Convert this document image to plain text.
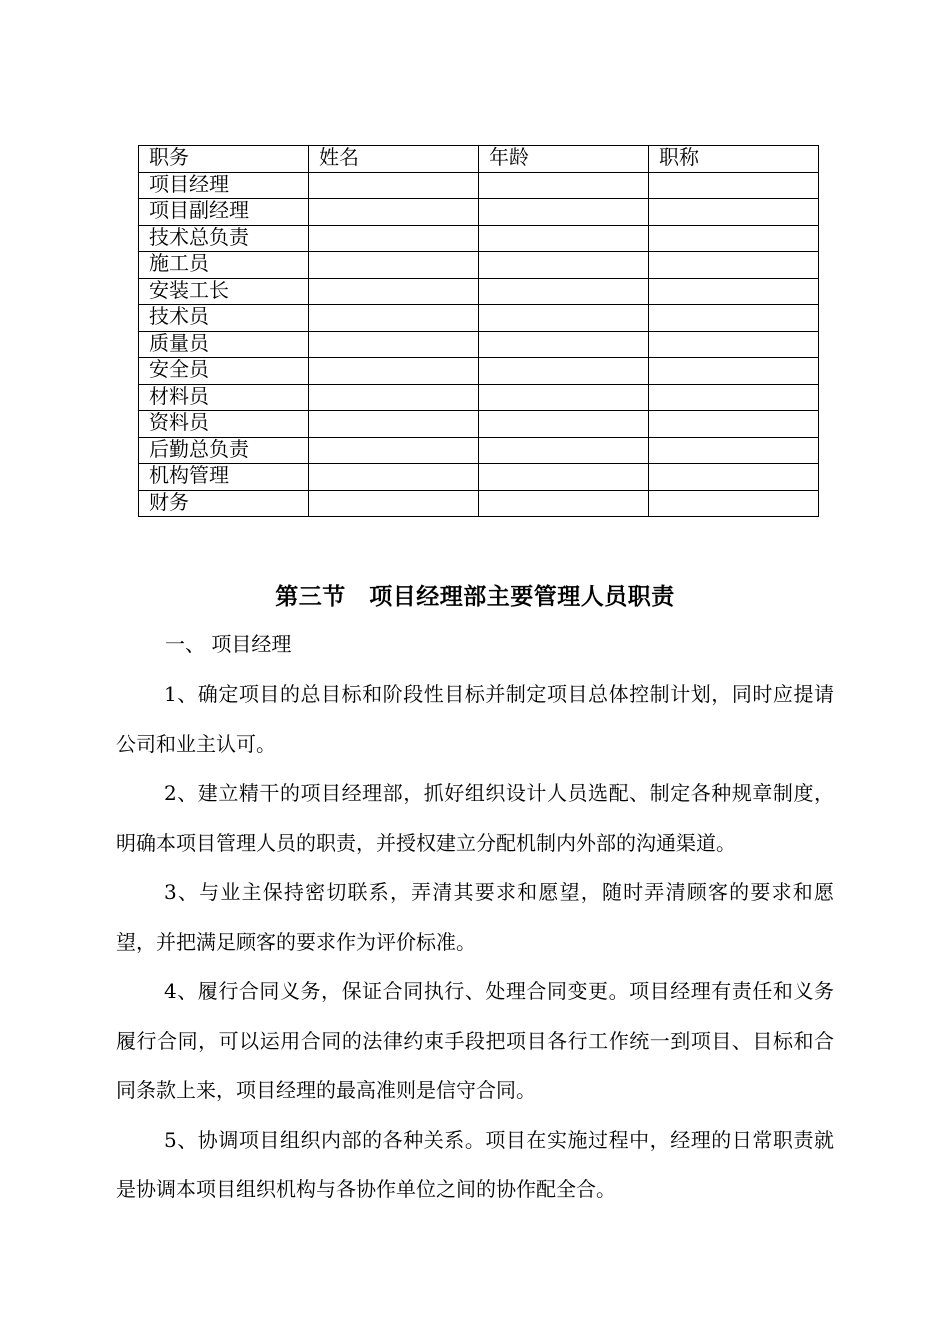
职务	姓名	年龄	职称
项目经理			
项目副经理			
技术总负责			
施工员			
安装工长			
技术员			
质量员			
安全员			
材料员			
资料员			
后勤总负责			
机构管理			
财务			
第三节　项目经理部主要管理人员职责
一、 项目经理

1、确定项目的总目标和阶段性目标并制定项目总体控制计划，同时应提请公司和业主认可。

2、建立精干的项目经理部，抓好组织设计人员选配、制定各种规章制度，明确本项目管理人员的职责，并授权建立分配机制内外部的沟通渠道。

3、与业主保持密切联系，弄清其要求和愿望，随时弄清顾客的要求和愿望，并把满足顾客的要求作为评价标准。

4、履行合同义务，保证合同执行、处理合同变更。项目经理有责任和义务履行合同，可以运用合同的法律约束手段把项目各行工作统一到项目、目标和合同条款上来，项目经理的最高准则是信守合同。

5、协调项目组织内部的各种关系。项目在实施过程中，经理的日常职责就是协调本项目组织机构与各协作单位之间的协作配全合。
